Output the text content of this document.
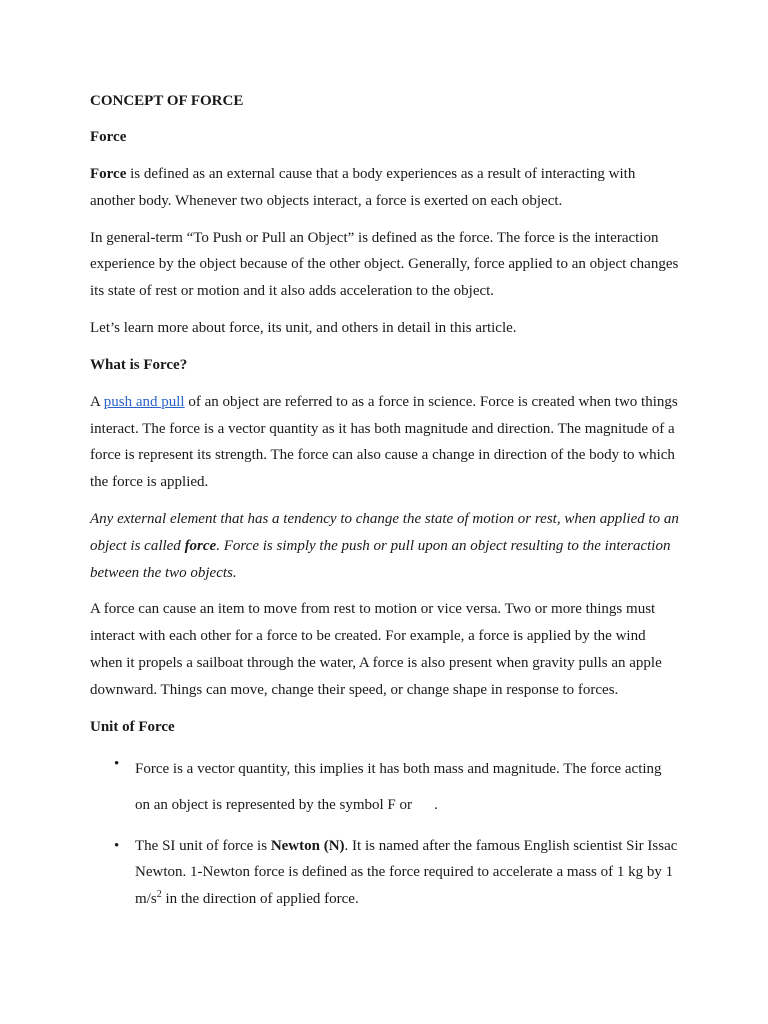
CONCEPT OF FORCE
Force

Force is defined as an external cause that a body experiences as a result of interacting with another body. Whenever two objects interact, a force is exerted on each object.

In general-term “To Push or Pull an Object” is defined as the force. The force is the interaction experience by the object because of the other object. Generally, force applied to an object changes its state of rest or motion and it also adds acceleration to the object.

Let’s learn more about force, its unit, and others in detail in this article.

What is Force?

A push and pull of an object are referred to as a force in science. Force is created when two things interact. The force is a vector quantity as it has both magnitude and direction. The magnitude of a force is represent its strength. The force can also cause a change in direction of the body to which the force is applied.

Any external element that has a tendency to change the state of motion or rest, when applied to an object is called force. Force is simply the push or pull upon an object resulting to the interaction between the two objects.

A force can cause an item to move from rest to motion or vice versa. Two or more things must interact with each other for a force to be created. For example, a force is applied by the wind when it propels a sailboat through the water, A force is also present when gravity pulls an apple downward. Things can move, change their speed, or change shape in response to forces.

Unit of Force
• Force is a vector quantity, this implies it has both mass and magnitude. The force acting on an object is represented by the symbol F or .
• The SI unit of force is Newton (N). It is named after the famous English scientist Sir Issac Newton. 1-Newton force is defined as the force required to accelerate a mass of 1 kg by 1 $m/s^2$ in the direction of applied force.
